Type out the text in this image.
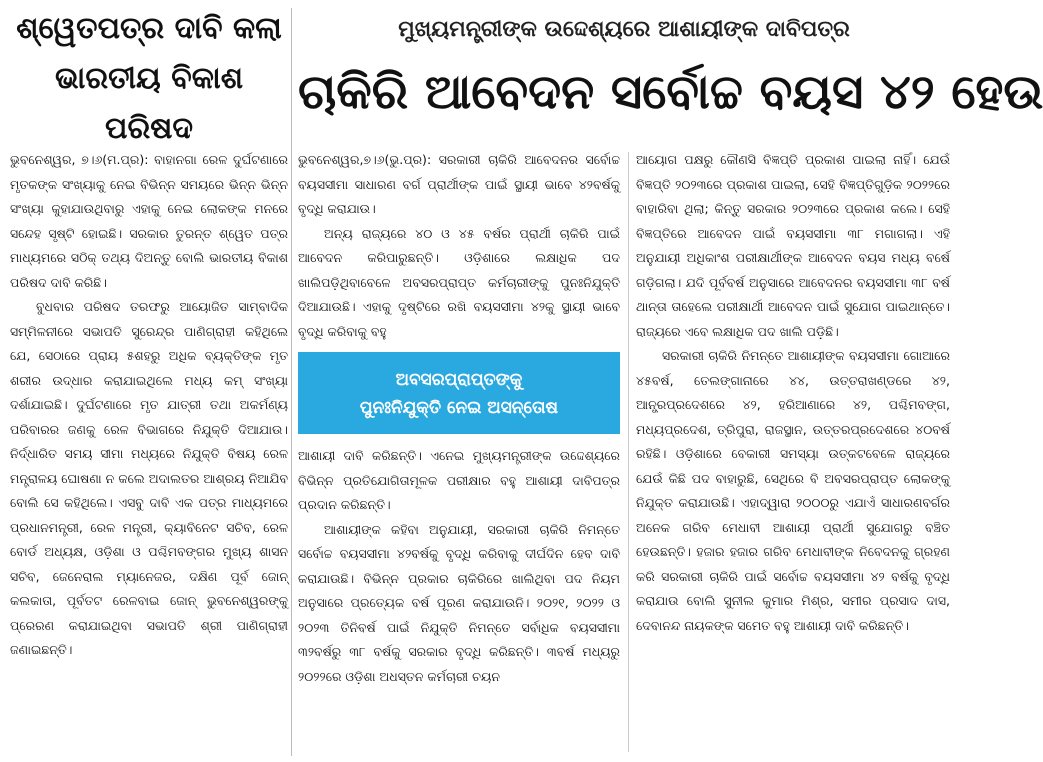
ଶ୍ୱେତପତ୍ର ଦାବି କଲା ଭାରତୀୟ ବିକାଶ ପରିଷଦ

ଭୁବନେଶ୍ୱର, ୭।୬(ମ.ପ୍ର): ବାହାନଗା ରେଳ ଦୁର୍ଘଟଣାରେ ମୃତକଙ୍କ ସଂଖ୍ୟାକୁ ନେଇ ବିଭିନ୍ନ ସମୟରେ ଭିନ୍ନ ଭିନ୍ନ ସଂଖ୍ୟା କୁହାଯାଉଥିବାରୁ ଏହାକୁ ନେଇ ଲୋକଙ୍କ ମନରେ ସନ୍ଦେହ ସୃଷ୍ଟି ହୋଇଛି। ସରକାର ତୁରନ୍ତ ଶ୍ୱେତ ପତ୍ର ମାଧ୍ୟମରେ ସଠିକ୍ ତଥ୍ୟ ଦିଅନ୍ତୁ ବୋଲି ଭାରତୀୟ ବିକାଶ ପରିଷଦ ଦାବି କରିଛି।

ବୁଧବାର ପରିଷଦ ତରଫରୁ ଆୟୋଜିତ ସାମ୍ବାଦିକ ସମ୍ମିଳନୀରେ ସଭାପତି ସୁରେନ୍ଦ୍ର ପାଣିଗ୍ରାହୀ କହିଥିଲେ ଯେ, ସେଠାରେ ପ୍ରାୟ ୫ଶହରୁ ଅଧିକ ବ୍ୟକ୍ତିଙ୍କ ମୃତ ଶରୀର ଉଦ୍ଧାର କରାଯାଇଥିଲେ ମଧ୍ୟ କମ୍ ସଂଖ୍ୟା ଦର୍ଶାଯାଇଛି। ଦୁର୍ଘଟଣାରେ ମୃତ ଯାତ୍ରୀ ତଥା ଅକର୍ମଣ୍ୟ ପରିବାରର ଜଣକୁ ରେଳ ବିଭାଗରେ ନିଯୁକ୍ତି ଦିଆଯାଉ। ନିର୍ଦ୍ଧାରିତ ସମୟ ସୀମା ମଧ୍ୟରେ ନିଯୁକ୍ତି ବିଷୟ ରେଳ ମନ୍ତ୍ରାଳୟ ଘୋଷଣା ନ କଲେ ଅଦାଲତର ଆଶ୍ରୟ ନିଆଯିବ ବୋଲି ସେ କହିଥିଲେ। ଏସବୁ ଦାବି ଏକ ପତ୍ର ମାଧ୍ୟମରେ ପ୍ରଧାନମନ୍ତ୍ରୀ, ରେଳ ମନ୍ତ୍ରୀ, କ୍ୟାବିନେଟ ସଚିବ, ରେଳ ବୋର୍ଡ ଅଧ୍ୟକ୍ଷ, ଓଡ଼ିଶା ଓ ପଶ୍ଚିମବଙ୍ଗର ମୁଖ୍ୟ ଶାସନ ସଚିବ, ଜେନେରାଲ ମ୍ୟାନେଜର, ଦକ୍ଷିଣ ପୂର୍ବ ଜୋନ୍ କଲକାତା, ପୂର୍ବତଟ ରେଳବାଇ ଜୋନ୍ ଭୁବନେଶ୍ୱରଙ୍କୁ ପ୍ରେରଣ କରାଯାଇଥିବା ସଭାପତି ଶ୍ରୀ ପାଣିଗ୍ରାହୀ ଜଣାଇଛନ୍ତି।

ମୁଖ୍ୟମନ୍ତ୍ରୀଙ୍କ ଉଦ୍ଦେଶ୍ୟରେ ଆଶାୟୀଙ୍କ ଦାବିପତ୍ର
ଚାକିରି ଆବେଦନ ସର୍ବୋଚ୍ଚ ବୟସ ୪୨ ହେଉ

ଭୁବନେଶ୍ୱର,୭।୬(ଭୁ.ପ୍ର): ସରକାରୀ ଚାକିରି ଆବେଦନର ସର୍ବୋଚ୍ଚ ବୟସସୀମା ସାଧାରଣ ବର୍ଗ ପ୍ରାର୍ଥୀଙ୍କ ପାଇଁ ସ୍ଥାୟୀ ଭାବେ ୪୨ବର୍ଷକୁ ବୃଦ୍ଧି କରାଯାଉ।

ଅନ୍ୟ ରାଜ୍ୟରେ ୪୦ ଓ ୪୫ ବର୍ଷର ପ୍ରାର୍ଥୀ ଚାକିରି ପାଇଁ ଆବେଦନ କରିପାରୁଛନ୍ତି। ଓଡ଼ିଶାରେ ଲକ୍ଷାଧିକ ପଦ ଖାଲିପଡ଼ିଥିବାବେଳେ ଅବସରପ୍ରାପ୍ତ କର୍ମଚାରୀଙ୍କୁ ପୁନଃନିଯୁକ୍ତି ଦିଆଯାଉଛି। ଏହାକୁ ଦୃଷ୍ଟିରେ ରଖି ବୟସସୀମା ୪୨କୁ ସ୍ଥାୟୀ ଭାବେ ବୃଦ୍ଧି କରିବାକୁ ବହୁ

ଅବସରପ୍ରାପ୍ତଙ୍କୁ
ପୁନଃନିଯୁକ୍ତି ନେଇ ଅସନ୍ତୋଷ

ଆଶାୟୀ ଦାବି କରିଛନ୍ତି। ଏନେଇ ମୁଖ୍ୟମନ୍ତ୍ରୀଙ୍କ ଉଦ୍ଦେଶ୍ୟରେ ବିଭିନ୍ନ ପ୍ରତିଯୋଗିତାମୂଳକ ପରୀକ୍ଷାର ବହୁ ଆଶାୟୀ ଦାବିପତ୍ର ପ୍ରଦାନ କରିଛନ୍ତି।

ଆଶାୟୀଙ୍କ କହିବା ଅନୁଯାୟୀ, ସରକାରୀ ଚାକିରି ନିମନ୍ତେ ସର୍ବୋଚ୍ଚ ବୟସସୀମା ୪୨ବର୍ଷକୁ ବୃଦ୍ଧି କରିବାକୁ ଦୀର୍ଘଦିନ ହେବ ଦାବି କରାଯାଉଛି। ବିଭିନ୍ନ ପ୍ରକାର ଚାକିରିରେ ଖାଲିଥିବା ପଦ ନିୟମ ଅନୁସାରେ ପ୍ରତ୍ୟେକ ବର୍ଷ ପୂରଣ କରାଯାଉନି। ୨୦୨୧, ୨୦୨୨ ଓ ୨୦୨୩ ତିନିବର୍ଷ ପାଇଁ ନିଯୁକ୍ତି ନିମନ୍ତେ ସର୍ବାଧିକ ବୟସସୀମା ୩୨ବର୍ଷରୁ ୩୮ ବର୍ଷକୁ ସରକାର ବୃଦ୍ଧି କରିଛନ୍ତି। ୩ବର୍ଷ ମଧ୍ୟରୁ ୨୦୨୨ରେ ଓଡ଼ିଶା ଅଧସ୍ତନ କର୍ମଚାରୀ ଚୟନ

ଆୟୋଗ ପକ୍ଷରୁ କୌଣସି ବିଜ୍ଞପ୍ତି ପ୍ରକାଶ ପାଇଲା ନାହିଁ। ଯେଉଁ ବିଜ୍ଞପ୍ତି ୨୦୨୩ରେ ପ୍ରକାଶ ପାଇଲା, ସେହି ବିଜ୍ଞପ୍ତିଗୁଡ଼ିକ ୨୦୨୨ରେ ବାହାରିବା ଥିଲା; କିନ୍ତୁ ସରକାର ୨୦୨୩ରେ ପ୍ରକାଶ କଲେ। ସେହି ବିଜ୍ଞପ୍ତିରେ ଆବେଦନ ପାଇଁ ବୟସସୀମା ୩୮ ମଗାଗଲା। ଏହି ଅନୁଯାୟୀ ଅଧିକାଂଶ ପରୀକ୍ଷାର୍ଥୀଙ୍କ ଆବେଦନ ବୟସ ମଧ୍ୟ ବର୍ଷେ ଗଡ଼ିଗଲା। ଯଦି ପୂର୍ବବର୍ଷ ଅନୁସାରେ ଆବେଦନର ବୟସସୀମା ୩୮ ବର୍ଷ ଥାନ୍ତା ତାହେଲେ ପରୀକ୍ଷାର୍ଥୀ ଆବେଦନ ପାଇଁ ସୁଯୋଗ ପାଇଥାନ୍ତେ। ରାଜ୍ୟରେ ଏବେ ଲକ୍ଷାଧିକ ପଦ ଖାଲି ପଡ଼ିଛି।

ସରକାରୀ ଚାକିରି ନିମନ୍ତେ ଆଶାୟୀଙ୍କ ବୟସସୀମା ଗୋଆରେ ୪୫ବର୍ଷ, ତେଲଙ୍ଗାନାରେ ୪୪, ଉତ୍ତରାଖଣ୍ଡରେ ୪୨, ଆନ୍ଧ୍ରପ୍ରଦେଶରେ ୪୨, ହରିଆଣାରେ ୪୨, ପଶ୍ଚିମବଙ୍ଗ, ମଧ୍ୟପ୍ରଦେଶ, ତ୍ରିପୁରା, ରାଜସ୍ଥାନ, ଉତ୍ତରପ୍ରଦେଶରେ ୪୦ବର୍ଷ ରହିଛି। ଓଡ଼ିଶାରେ ବେକାରୀ ସମସ୍ୟା ଉତ୍କଟବେଳେ ରାଜ୍ୟରେ ଯେଉଁ କିଛି ପଦ ବାହାରୁଛି, ସେଥିରେ ବି ଅବସରପ୍ରାପ୍ତ ଲୋକଙ୍କୁ ନିଯୁକ୍ତ କରାଯାଉଛି। ଏହାଦ୍ୱାରା ୨୦୦୦ରୁ ଏଯାଏଁ ସାଧାରଣବର୍ଗର ଅନେକ ଗରିବ ମେଧାବୀ ଆଶାୟୀ ପ୍ରାର୍ଥୀ ସୁଯୋଗରୁ ବଞ୍ଚିତ ହେଉଛନ୍ତି। ହଜାର ହଜାର ଗରିବ ମେଧାବୀଙ୍କ ନିବେଦନକୁ ଗ୍ରହଣ କରି ସରକାରୀ ଚାକିରି ପାଇଁ ସର୍ବୋଚ୍ଚ ବୟସସୀମା ୪୨ ବର୍ଷକୁ ବୃଦ୍ଧି କରାଯାଉ ବୋଲି ସୁନୀଲ କୁମାର ମିଶ୍ର, ସମୀର ପ୍ରସାଦ ଦାସ, ଦେବାନନ୍ଦ ନାୟକଙ୍କ ସମେତ ବହୁ ଆଶାୟୀ ଦାବି କରିଛନ୍ତି।
